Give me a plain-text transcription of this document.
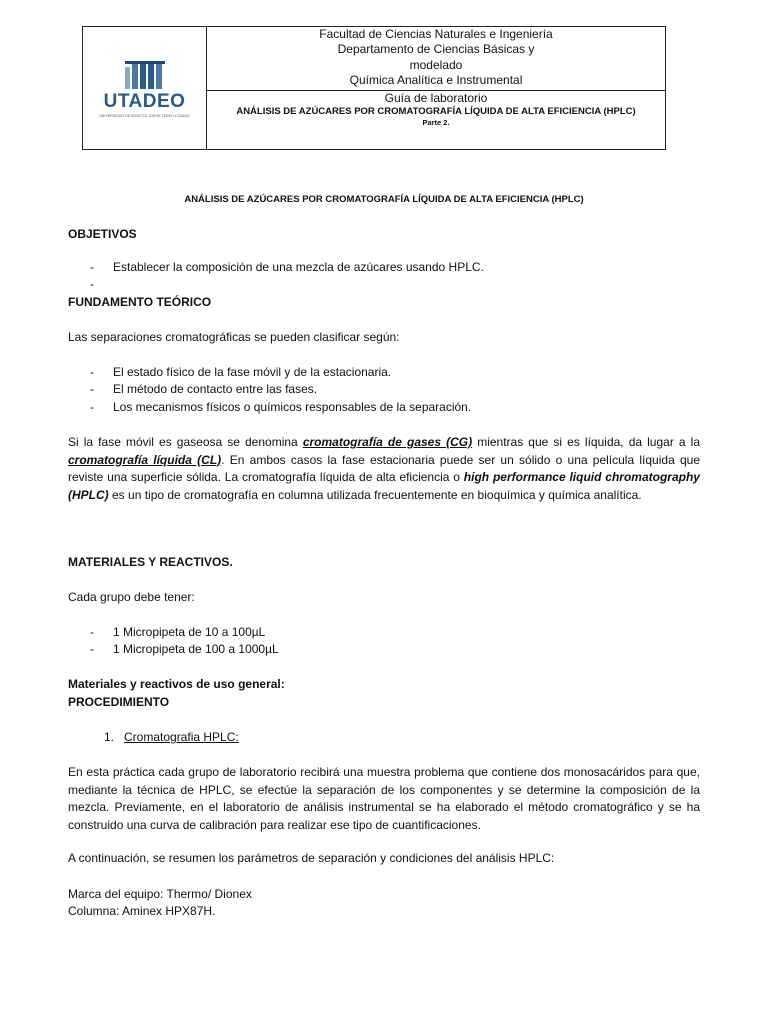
UTADEO
UNIVERSIDAD DE BOGOTÁ JORGE TADEO LOZANO
Facultad de Ciencias Naturales e Ingeniería
Departamento de Ciencias Básicas y
modelado
Química Analítica e Instrumental
Guía de laboratorio
ANÁLISIS DE AZÚCARES POR CROMATOGRAFÍA LÍQUIDA DE ALTA EFICIENCIA (HPLC)
Parte 2.
ANÁLISIS DE AZÚCARES POR CROMATOGRAFÍA LÍQUIDA DE ALTA EFICIENCIA (HPLC)
OBJETIVOS
- Establecer la composición de una mezcla de azúcares usando HPLC.
-
FUNDAMENTO TEÓRICO
Las separaciones cromatográficas se pueden clasificar según:
- El estado físico de la fase móvil y de la estacionaria.
- El método de contacto entre las fases.
- Los mecanismos físicos o químicos responsables de la separación.
Si la fase móvil es gaseosa se denomina cromatografía de gases (CG) mientras que si es líquida, da lugar a la cromatografía líquida (CL). En ambos casos la fase estacionaria puede ser un sólido o una película líquida que reviste una superficie sólida. La cromatografía líquida de alta eficiencia o high performance liquid chromatography (HPLC) es un tipo de cromatografía en columna utilizada frecuentemente en bioquímica y química analítica.
MATERIALES Y REACTIVOS.
Cada grupo debe tener:
- 1 Micropipeta de 10 a 100µL
- 1 Micropipeta de 100 a 1000µL
Materiales y reactivos de uso general:
PROCEDIMIENTO
1. Cromatografia HPLC:
En esta práctica cada grupo de laboratorio recibirá una muestra problema que contiene dos monosacáridos para que, mediante la técnica de HPLC, se efectúe la separación de los componentes y se determine la composición de la mezcla. Previamente, en el laboratorio de análisis instrumental se ha elaborado el método cromatográfico y se ha construido una curva de calibración para realizar ese tipo de cuantificaciones.
A continuación, se resumen los parámetros de separación y condiciones del análisis HPLC:
Marca del equipo: Thermo/ Dionex
Columna: Aminex HPX87H.
